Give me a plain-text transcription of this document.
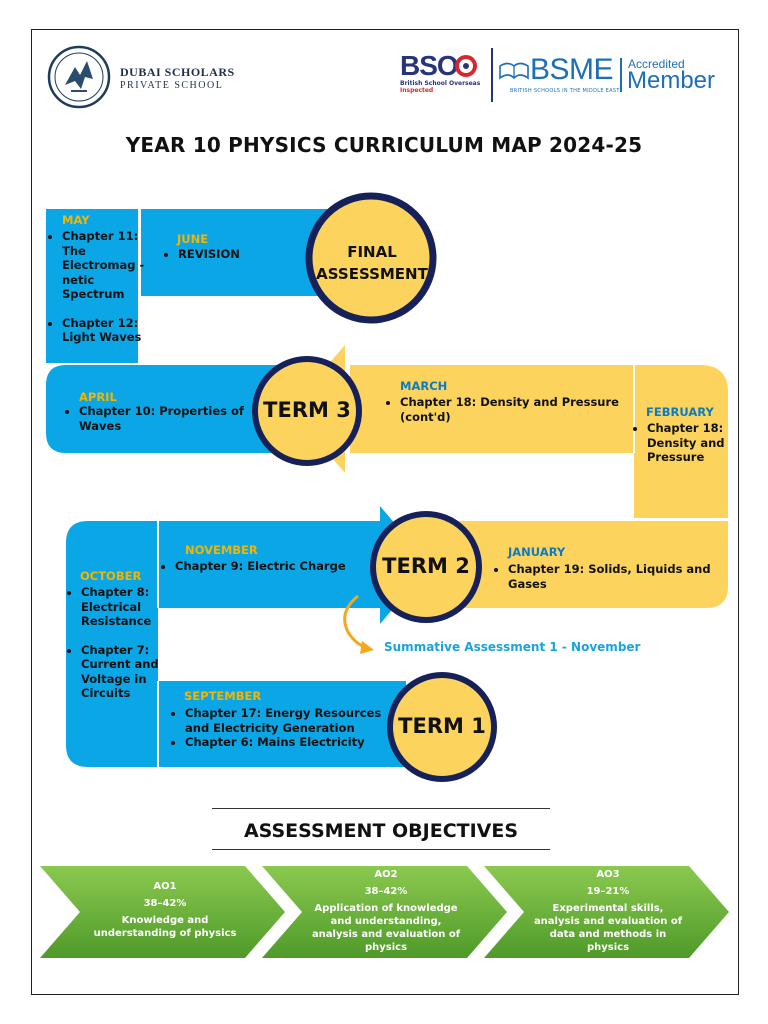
DUBAI SCHOLARS
PRIVATE SCHOOL
BSO
British School Overseas
Inspected
BSME
BRITISH SCHOOLS IN THE MIDDLE EAST
Accredited
Member
YEAR 10 PHYSICS CURRICULUM MAP 2024-25
FINAL
ASSESSMENT
TERM 3
TERM 2
TERM 1
MAY
• Chapter 11: The Electromag -netic Spectrum
• Chapter 12: Light Waves
JUNE
• REVISION
APRIL
• Chapter 10: Properties of Waves
MARCH
• Chapter 18: Density and Pressure (cont'd)	FEBRUARY
• Chapter 18: Density and Pressure
OCTOBER
• Chapter 8: Electrical Resistance
• Chapter 7: Current and Voltage in Circuits
NOVEMBER
• Chapter 9: Electric Charge
JANUARY
• Chapter 19: Solids, Liquids and Gases
Summative Assessment 1 - November
SEPTEMBER
• Chapter 17: Energy Resources and Electricity Generation
• Chapter 6: Mains Electricity
ASSESSMENT OBJECTIVES
AO1
38–42%
Knowledge and understanding of physics
AO2
38–42%
Application of knowledge and understanding, analysis and evaluation of physics
AO3
19–21%
Experimental skills, analysis and evaluation of data and methods in physics
